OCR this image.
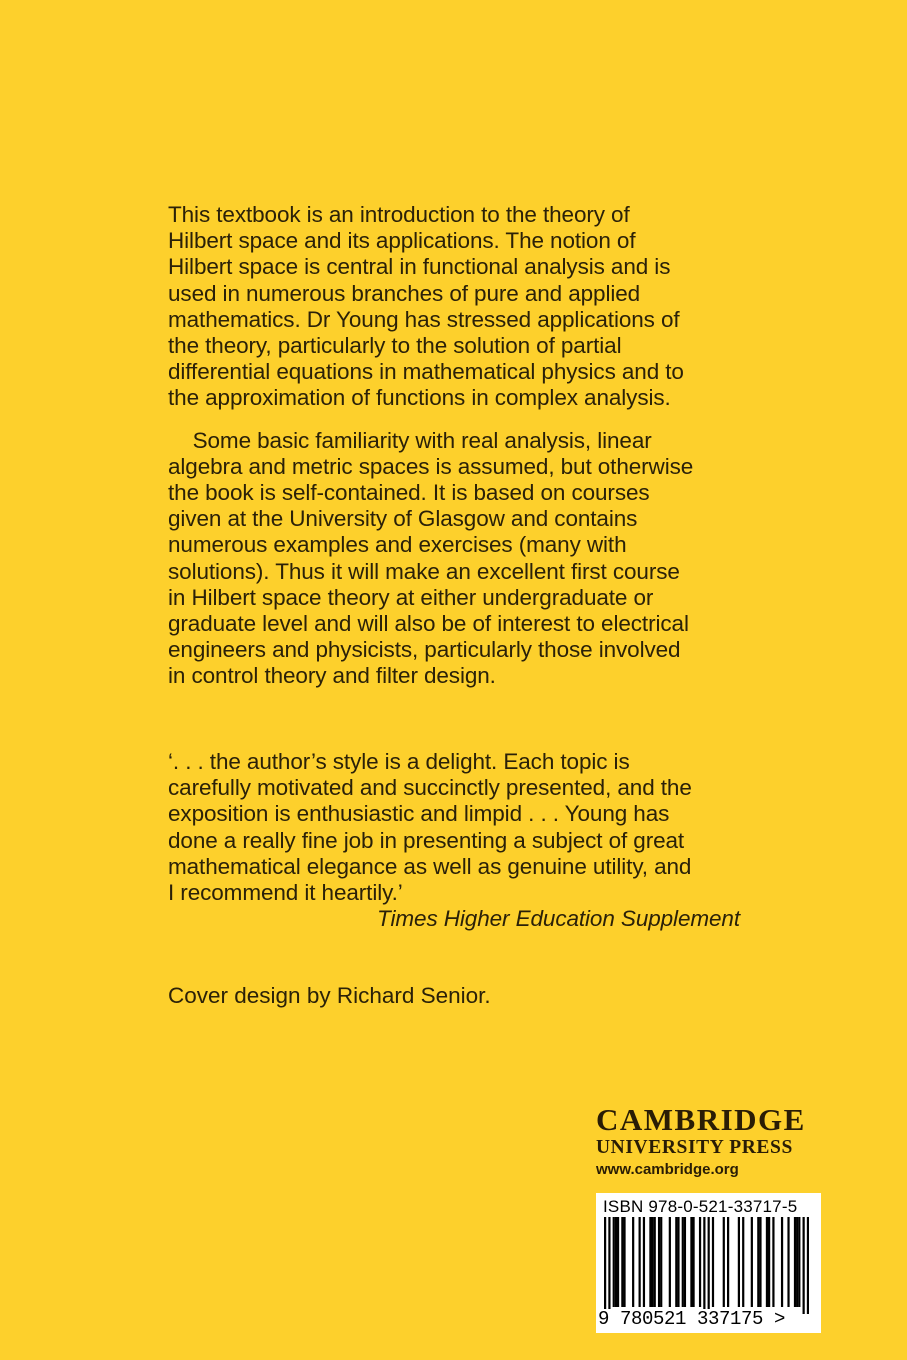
This textbook is an introduction to the theory of
Hilbert space and its applications. The notion of
Hilbert space is central in functional analysis and is
used in numerous branches of pure and applied
mathematics. Dr Young has stressed applications of
the theory, particularly to the solution of partial
differential equations in mathematical physics and to
the approximation of functions in complex analysis.

Some basic familiarity with real analysis, linear
algebra and metric spaces is assumed, but otherwise
the book is self-contained. It is based on courses
given at the University of Glasgow and contains
numerous examples and exercises (many with
solutions). Thus it will make an excellent first course
in Hilbert space theory at either undergraduate or
graduate level and will also be of interest to electrical
engineers and physicists, particularly those involved
in control theory and filter design.

‘. . . the author’s style is a delight. Each topic is
carefully motivated and succinctly presented, and the
exposition is enthusiastic and limpid . . . Young has
done a really fine job in presenting a subject of great
mathematical elegance as well as genuine utility, and
I recommend it heartily.’
Times Higher Education Supplement
Cover design by Richard Senior.
CAMBRIDGE
UNIVERSITY PRESS
www.cambridge.org
ISBN 978-0-521-33717-5
9 780521 337175 >
